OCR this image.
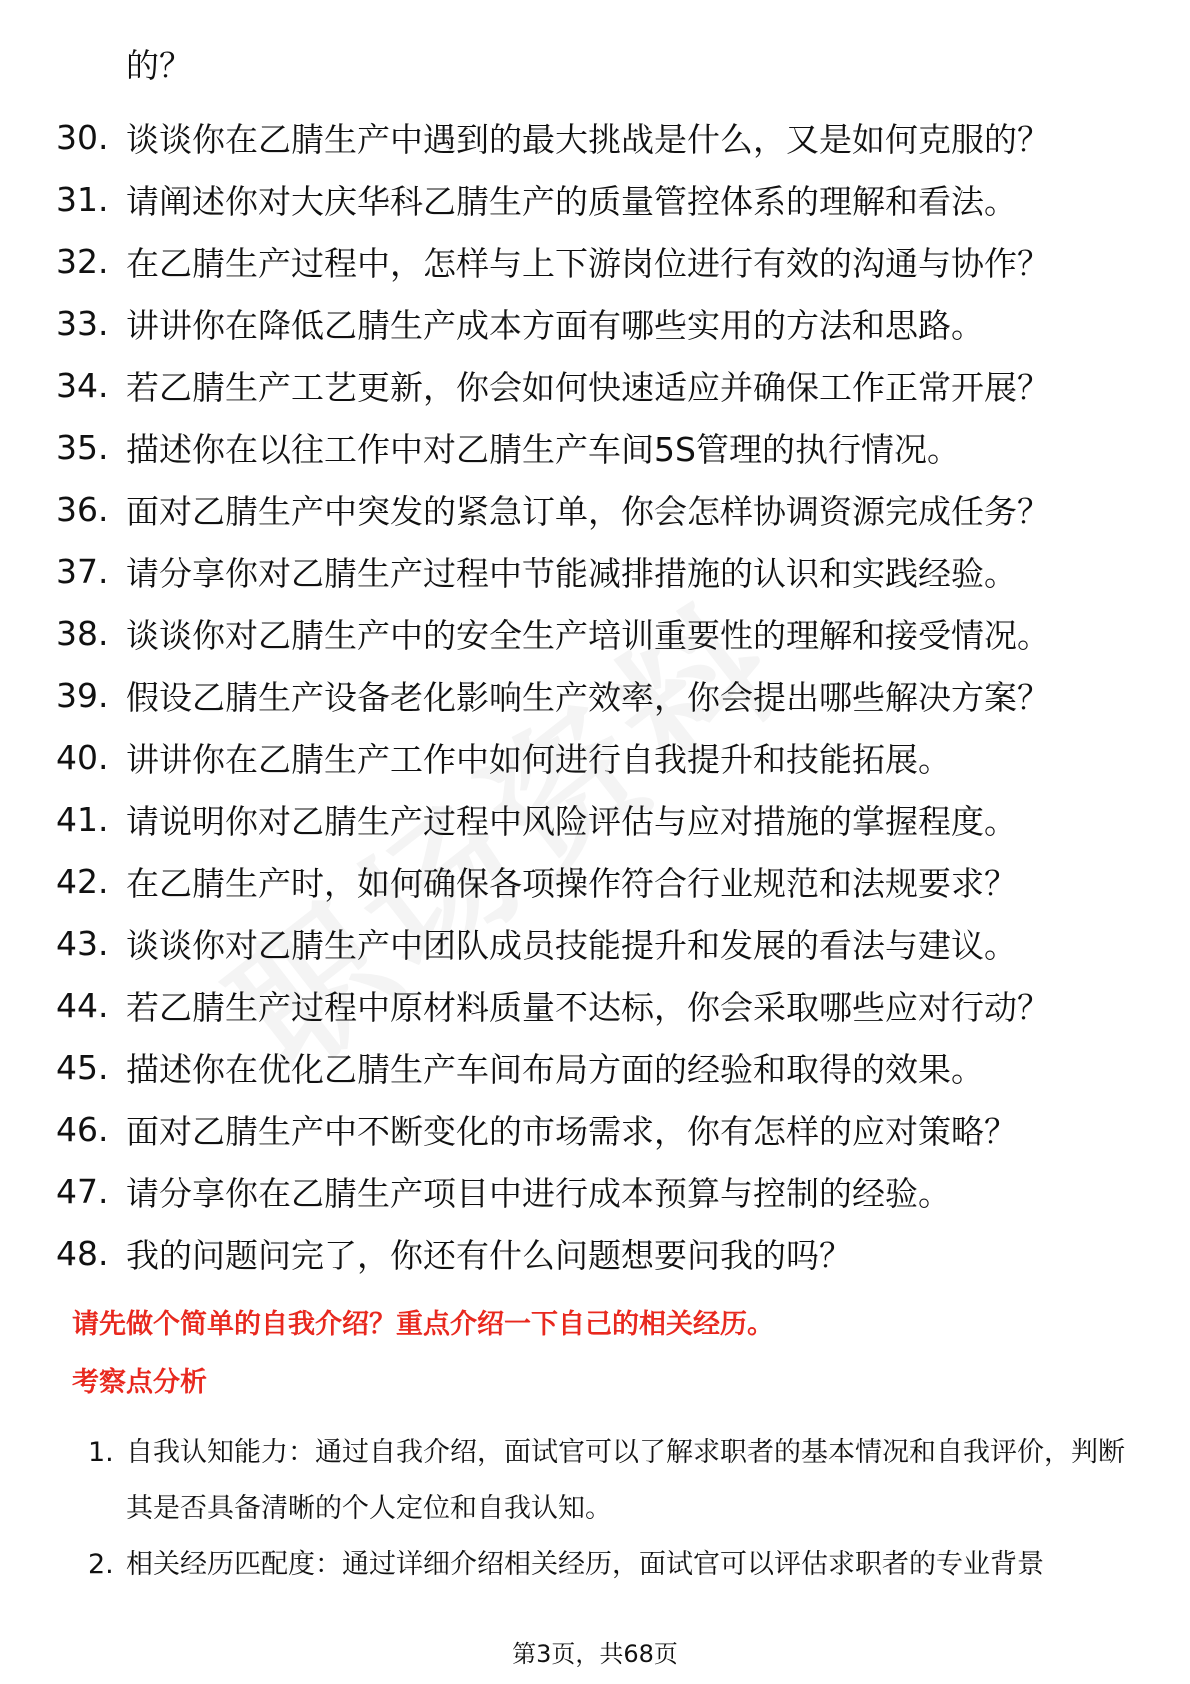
的？
30. 谈谈你在乙腈生产中遇到的最大挑战是什么，又是如何克服的？
31. 请阐述你对大庆华科乙腈生产的质量管控体系的理解和看法。
32. 在乙腈生产过程中，怎样与上下游岗位进行有效的沟通与协作？
33. 讲讲你在降低乙腈生产成本方面有哪些实用的方法和思路。
34. 若乙腈生产工艺更新，你会如何快速适应并确保工作正常开展？
35. 描述你在以往工作中对乙腈生产车间5S管理的执行情况。
36. 面对乙腈生产中突发的紧急订单，你会怎样协调资源完成任务？
37. 请分享你对乙腈生产过程中节能减排措施的认识和实践经验。
38. 谈谈你对乙腈生产中的安全生产培训重要性的理解和接受情况。
39. 假设乙腈生产设备老化影响生产效率，你会提出哪些解决方案？
40. 讲讲你在乙腈生产工作中如何进行自我提升和技能拓展。
41. 请说明你对乙腈生产过程中风险评估与应对措施的掌握程度。
42. 在乙腈生产时，如何确保各项操作符合行业规范和法规要求？
43. 谈谈你对乙腈生产中团队成员技能提升和发展的看法与建议。
44. 若乙腈生产过程中原材料质量不达标，你会采取哪些应对行动？
45. 描述你在优化乙腈生产车间布局方面的经验和取得的效果。
46. 面对乙腈生产中不断变化的市场需求，你有怎样的应对策略？
47. 请分享你在乙腈生产项目中进行成本预算与控制的经验。
48. 我的问题问完了，你还有什么问题想要问我的吗？
请先做个简单的自我介绍？重点介绍一下自己的相关经历。
考察点分析
1. 自我认知能力：通过自我介绍，面试官可以了解求职者的基本情况和自我评价，判断其是否具备清晰的个人定位和自我认知。
2. 相关经历匹配度：通过详细介绍相关经历，面试官可以评估求职者的专业背景
第3页，共68页
